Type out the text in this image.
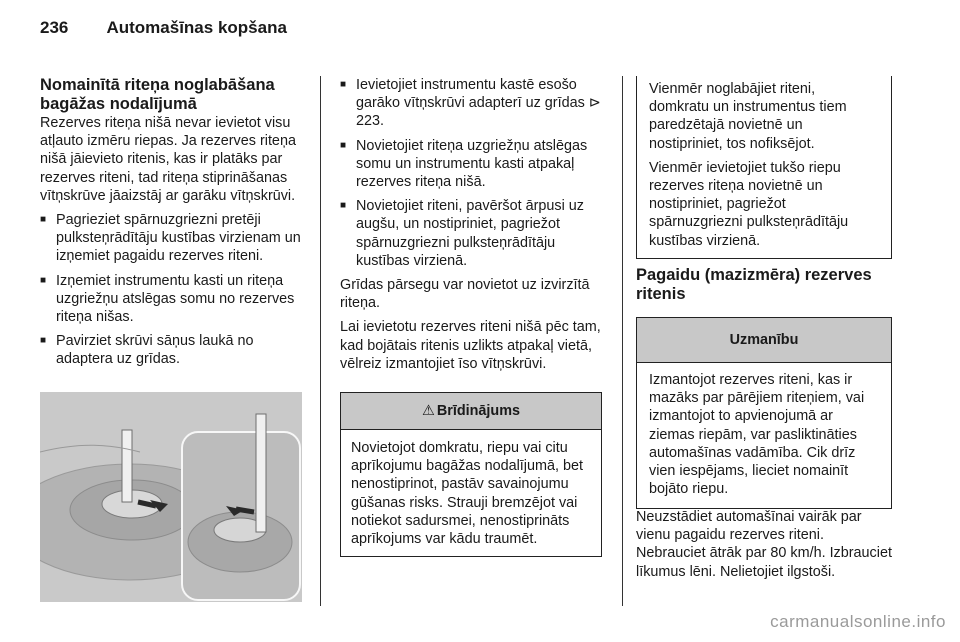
236 Automašīnas kopšana
Nomainītā riteņa noglabāšana
bagāžas nodalījumā

Rezerves riteņa nišā nevar ievietot visu atļauto izmēru riepas. Ja rezerves riteņa nišā jāievieto ritenis, kas ir platāks par rezerves riteni, tad riteņa stiprināšanas vītņskrūve jāaizstāj ar garāku vītņskrūvi.

■ Pagrieziet spārnuzgriezni pretēji pulksteņrādītāju kustības virzienam un izņemiet pagaidu rezerves riteni.
■ Izņemiet instrumentu kasti un riteņa uzgriežņu atslēgas somu no rezerves riteņa nišas.
■ Pavirziet skrūvi sāņus laukā no adaptera uz grīdas.
■ Ievietojiet instrumentu kastē esošo garāko vītņskrūvi adapterī uz grīdas ⊳ 223.
■ Novietojiet riteņa uzgriežņu atslēgas somu un instrumentu kasti atpakaļ rezerves riteņa nišā.
■ Novietojiet riteni, pavēršot ārpusi uz augšu, un nostipriniet, pagriežot spārnuzgriezni pulksteņrādītāju kustības virzienā.

Grīdas pārsegu var novietot uz izvirzītā riteņa.

Lai ievietotu rezerves riteni nišā pēc tam, kad bojātais ritenis uzlikts atpakaļ vietā, vēlreiz izmantojiet īso vītņskrūvi.

⚠ Brīdinājums
Novietojot domkratu, riepu vai citu aprīkojumu bagāžas nodalījumā, bet nenostiprinot, pastāv savainojumu gūšanas risks. Strauji bremzējot vai notiekot sadursmei, nenostiprināts aprīkojums var kādu traumēt.

Vienmēr noglabājiet riteni, domkratu un instrumentus tiem paredzētajā novietnē un nostipriniet, tos nofiksējot.

Vienmēr ievietojiet tukšo riepu rezerves riteņa novietnē un nostipriniet, pagriežot spārnuzgriezni pulksteņrādītāju kustības virzienā.

Pagaidu (mazizmēra) rezerves
ritenis
Uzmanību
Izmantojot rezerves riteni, kas ir mazāks par pārējiem riteņiem, vai izmantojot to apvienojumā ar ziemas riepām, var pasliktināties automašīnas vadāmība. Cik drīz vien iespējams, lieciet nomainīt bojāto riepu.
Neuzstādiet automašīnai vairāk par vienu pagaidu rezerves riteni. Nebrauciet ātrāk par 80 km/h. Izbrauciet līkumus lēni. Nelietojiet ilgstoši.
carmanualsonline.info
